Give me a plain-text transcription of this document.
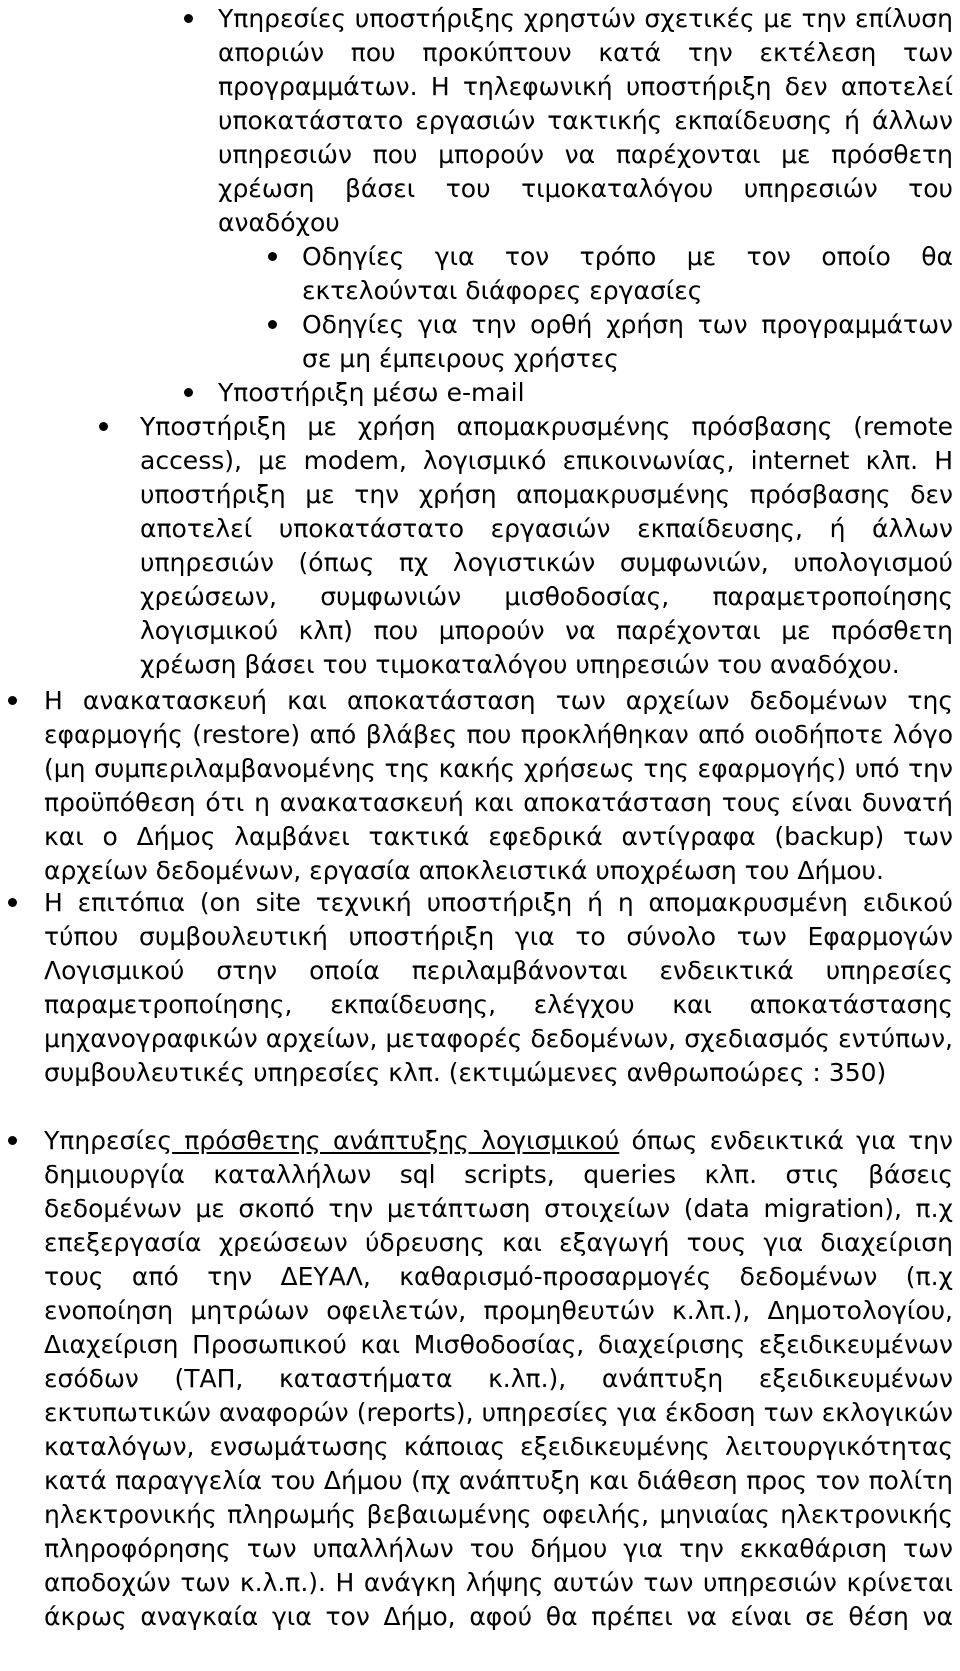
Υπηρεσίες υποστήριξης χρηστών σχετικές με την επίλυση αποριών που προκύπτουν κατά την εκτέλεση των προγραμμάτων. Η τηλεφωνική υποστήριξη δεν αποτελεί υποκατάστατο εργασιών τακτικής εκπαίδευσης ή άλλων υπηρεσιών που μπορούν να παρέχονται με πρόσθετη χρέωση βάσει του τιμοκαταλόγου υπηρεσιών του αναδόχου

Οδηγίες για τον τρόπο με τον οποίο θα εκτελούνται διάφορες εργασίες

Οδηγίες για την ορθή χρήση των προγραμμάτων σε μη έμπειρους χρήστες

Υποστήριξη μέσω e-mail

Υποστήριξη με χρήση απομακρυσμένης πρόσβασης (remote access), με modem, λογισμικό επικοινωνίας, internet κλπ. Η υποστήριξη με την χρήση απομακρυσμένης πρόσβασης δεν αποτελεί υποκατάστατο εργασιών εκπαίδευσης, ή άλλων υπηρεσιών (όπως πχ λογιστικών συμφωνιών, υπολογισμού χρεώσεων, συμφωνιών μισθοδοσίας, παραμετροποίησης λογισμικού κλπ) που μπορούν να παρέχονται με πρόσθετη χρέωση βάσει του τιμοκαταλόγου υπηρεσιών του αναδόχου.

Η ανακατασκευή και αποκατάσταση των αρχείων δεδομένων της εφαρμογής (restore) από βλάβες που προκλήθηκαν από οιοδήποτε λόγο (μη συμπεριλαμβανομένης της κακής χρήσεως της εφαρμογής) υπό την προϋπόθεση ότι η ανακατασκευή και αποκατάσταση τους είναι δυνατή και ο Δήμος λαμβάνει τακτικά εφεδρικά αντίγραφα (backup) των αρχείων δεδομένων, εργασία αποκλειστικά υποχρέωση του Δήμου.

Η επιτόπια (on site τεχνική υποστήριξη ή η απομακρυσμένη ειδικού τύπου συμβουλευτική υποστήριξη για το σύνολο των Εφαρμογών Λογισμικού στην οποία περιλαμβάνονται ενδεικτικά υπηρεσίες παραμετροποίησης, εκπαίδευσης, ελέγχου και αποκατάστασης μηχανογραφικών αρχείων, μεταφορές δεδομένων, σχεδιασμός εντύπων, συμβουλευτικές υπηρεσίες κλπ. (εκτιμώμενες ανθρωποώρες : 350)

Υπηρεσίες πρόσθετης ανάπτυξης λογισμικού όπως ενδεικτικά για την δημιουργία καταλλήλων sql scripts, queries κλπ. στις βάσεις δεδομένων με σκοπό την μετάπτωση στοιχείων (data migration), π.χ επεξεργασία χρεώσεων ύδρευσης και εξαγωγή τους για διαχείριση τους από την ΔΕΥΑΛ, καθαρισμό-προσαρμογές δεδομένων (π.χ ενοποίηση μητρώων οφειλετών, προμηθευτών κ.λπ.), Δημοτολογίου, Διαχείριση Προσωπικού και Μισθοδοσίας, διαχείρισης εξειδικευμένων εσόδων (ΤΑΠ, καταστήματα κ.λπ.), ανάπτυξη εξειδικευμένων εκτυπωτικών αναφορών (reports), υπηρεσίες για έκδοση των εκλογικών καταλόγων, ενσωμάτωσης κάποιας εξειδικευμένης λειτουργικότητας κατά παραγγελία του Δήμου (πχ ανάπτυξη και διάθεση προς τον πολίτη ηλεκτρονικής πληρωμής βεβαιωμένης οφειλής, μηνιαίας ηλεκτρονικής πληροφόρησης των υπαλλήλων του δήμου για την εκκαθάριση των αποδοχών των κ.λ.π.). Η ανάγκη λήψης αυτών των υπηρεσιών κρίνεται άκρως αναγκαία για τον Δήμο, αφού θα πρέπει να είναι σε θέση να
